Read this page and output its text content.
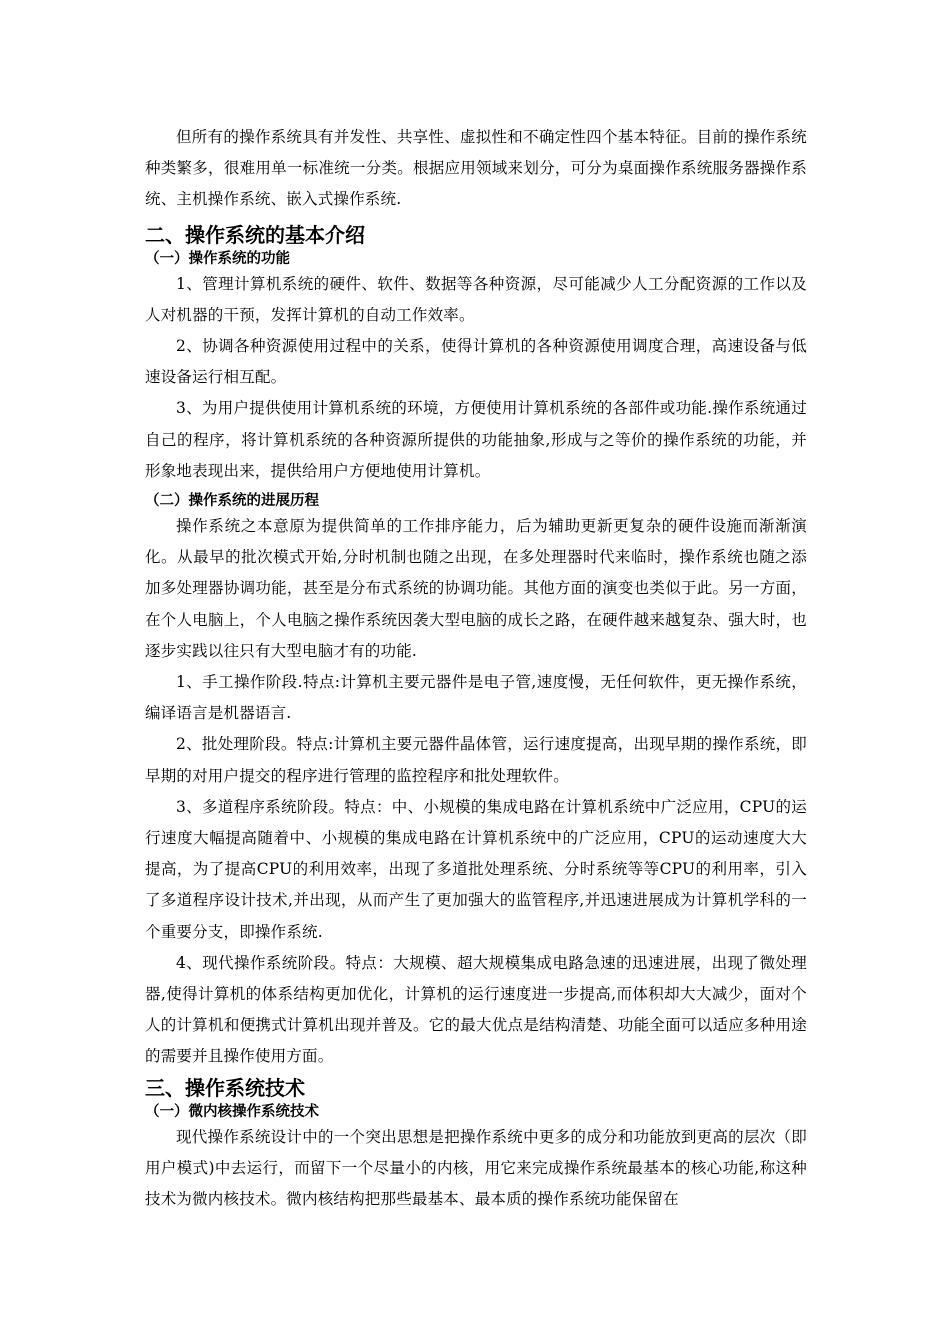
但所有的操作系统具有并发性、共享性、虚拟性和不确定性四个基本特征。目前的操作系统种类繁多，很难用单一标准统一分类。根据应用领域来划分，可分为桌面操作系统服务器操作系统、主机操作系统、嵌入式操作系统.

二、操作系统的基本介绍
（一）操作系统的功能

1、管理计算机系统的硬件、软件、数据等各种资源，尽可能减少人工分配资源的工作以及人对机器的干预，发挥计算机的自动工作效率。

2、协调各种资源使用过程中的关系，使得计算机的各种资源使用调度合理，高速设备与低速设备运行相互配。

3、为用户提供使用计算机系统的环境，方便使用计算机系统的各部件或功能.操作系统通过自己的程序，将计算机系统的各种资源所提供的功能抽象,形成与之等价的操作系统的功能，并形象地表现出来，提供给用户方便地使用计算机。

（二）操作系统的进展历程

操作系统之本意原为提供简单的工作排序能力，后为辅助更新更复杂的硬件设施而渐渐演化。从最早的批次模式开始,分时机制也随之出现，在多处理器时代来临时，操作系统也随之添加多处理器协调功能，甚至是分布式系统的协调功能。其他方面的演变也类似于此。另一方面，在个人电脑上，个人电脑之操作系统因袭大型电脑的成长之路，在硬件越来越复杂、强大时，也逐步实践以往只有大型电脑才有的功能.

1、手工操作阶段.特点:计算机主要元器件是电子管,速度慢，无任何软件，更无操作系统，编译语言是机器语言.

2、批处理阶段。特点:计算机主要元器件晶体管，运行速度提高，出现早期的操作系统，即早期的对用户提交的程序进行管理的监控程序和批处理软件。

3、多道程序系统阶段。特点：中、小规模的集成电路在计算机系统中广泛应用，CPU的运行速度大幅提高随着中、小规模的集成电路在计算机系统中的广泛应用，CPU的运动速度大大提高，为了提高CPU的利用效率，出现了多道批处理系统、分时系统等等CPU的利用率，引入了多道程序设计技术,并出现，从而产生了更加强大的监管程序,并迅速进展成为计算机学科的一个重要分支，即操作系统.

4、现代操作系统阶段。特点：大规模、超大规模集成电路急速的迅速进展，出现了微处理器,使得计算机的体系结构更加优化，计算机的运行速度进一步提高,而体积却大大减少，面对个人的计算机和便携式计算机出现并普及。它的最大优点是结构清楚、功能全面可以适应多种用途的需要并且操作使用方面。

三、操作系统技术
（一）微内核操作系统技术

现代操作系统设计中的一个突出思想是把操作系统中更多的成分和功能放到更高的层次（即用户模式)中去运行，而留下一个尽量小的内核，用它来完成操作系统最基本的核心功能,称这种技术为微内核技术。微内核结构把那些最基本、最本质的操作系统功能保留在
